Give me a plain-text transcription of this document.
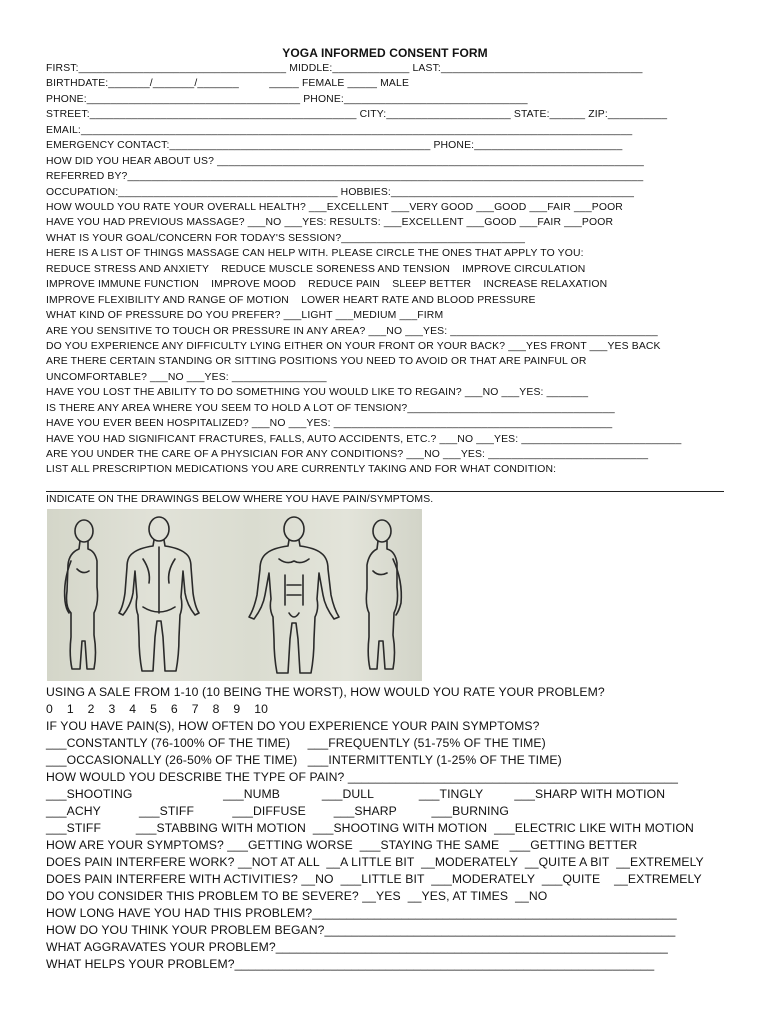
YOGA INFORMED CONSENT FORM
FIRST:___________________________________ MIDDLE:_____________ LAST:__________________________________
BIRTHDATE:_______/_______/_______          _____ FEMALE _____ MALE
PHONE:____________________________________ PHONE:_______________________________
STREET:_____________________________________________ CITY:_____________________ STATE:______ ZIP:__________
EMAIL:_____________________________________________________________________________________________
EMERGENCY CONTACT:____________________________________________ PHONE:_________________________
HOW DID YOU HEAR ABOUT US? ________________________________________________________________________
REFERRED BY?_______________________________________________________________________________________
OCCUPATION:_____________________________________ HOBBIES:_________________________________________
HOW WOULD YOU RATE YOUR OVERALL HEALTH? ___EXCELLENT ___VERY GOOD ___GOOD ___FAIR ___POOR
HAVE YOU HAD PREVIOUS MASSAGE? ___NO ___YES: RESULTS: ___EXCELLENT ___GOOD ___FAIR ___POOR
WHAT IS YOUR GOAL/CONCERN FOR TODAY'S SESSION?_______________________________
HERE IS A LIST OF THINGS MASSAGE CAN HELP WITH. PLEASE CIRCLE THE ONES THAT APPLY TO YOU:
REDUCE STRESS AND ANXIETY    REDUCE MUSCLE SORENESS AND TENSION    IMPROVE CIRCULATION
IMPROVE IMMUNE FUNCTION    IMPROVE MOOD    REDUCE PAIN    SLEEP BETTER    INCREASE RELAXATION
IMPROVE FLEXIBILITY AND RANGE OF MOTION    LOWER HEART RATE AND BLOOD PRESSURE
WHAT KIND OF PRESSURE DO YOU PREFER? ___LIGHT ___MEDIUM ___FIRM
ARE YOU SENSITIVE TO TOUCH OR PRESSURE IN ANY AREA? ___NO ___YES: ___________________________________
DO YOU EXPERIENCE ANY DIFFICULTY LYING EITHER ON YOUR FRONT OR YOUR BACK? ___YES FRONT ___YES BACK
ARE THERE CERTAIN STANDING OR SITTING POSITIONS YOU NEED TO AVOID OR THAT ARE PAINFUL OR
UNCOMFORTABLE? ___NO ___YES: ________________
HAVE YOU LOST THE ABILITY TO DO SOMETHING YOU WOULD LIKE TO REGAIN? ___NO ___YES: _______
IS THERE ANY AREA WHERE YOU SEEM TO HOLD A LOT OF TENSION?___________________________________
HAVE YOU EVER BEEN HOSPITALIZED? ___NO ___YES: _______________________________________________
HAVE YOU HAD SIGNIFICANT FRACTURES, FALLS, AUTO ACCIDENTS, ETC.? ___NO ___YES: ___________________________
ARE YOU UNDER THE CARE OF A PHYSICIAN FOR ANY CONDITIONS? ___NO ___YES: ___________________________
LIST ALL PRESCRIPTION MEDICATIONS YOU ARE CURRENTLY TAKING AND FOR WHAT CONDITION:
INDICATE ON THE DRAWINGS BELOW WHERE YOU HAVE PAIN/SYMPTOMS.
USING A SALE FROM 1-10 (10 BEING THE WORST), HOW WOULD YOU RATE YOUR PROBLEM?
0    1    2    3    4    5    6    7    8    9    10
IF YOU HAVE PAIN(S), HOW OFTEN DO YOU EXPERIENCE YOUR PAIN SYMPTOMS?
___CONSTANTLY (76-100% OF THE TIME)     ___FREQUENTLY (51-75% OF THE TIME)
___OCCASIONALLY (26-50% OF THE TIME)   ___INTERMITTENTLY (1-25% OF THE TIME)
HOW WOULD YOU DESCRIBE THE TYPE OF PAIN? ________________________________________________
___SHOOTING                          ___NUMB            ___DULL             ___TINGLY         ___SHARP WITH MOTION
___ACHY           ___STIFF           ___DIFFUSE        ___SHARP          ___BURNING
___STIFF          ___STABBING WITH MOTION  ___SHOOTING WITH MOTION  ___ELECTRIC LIKE WITH MOTION
HOW ARE YOUR SYMPTOMS? ___GETTING WORSE  ___STAYING THE SAME   ___GETTING BETTER
DOES PAIN INTERFERE WORK? __NOT AT ALL  __A LITTLE BIT  __MODERATELY  __QUITE A BIT  __EXTREMELY
DOES PAIN INTERFERE WITH ACTIVITIES? __NO  ___LITTLE BIT  ___MODERATELY  ___QUITE    __EXTREMELY
DO YOU CONSIDER THIS PROBLEM TO BE SEVERE? __YES  __YES, AT TIMES  __NO
HOW LONG HAVE YOU HAD THIS PROBLEM?_____________________________________________________
HOW DO YOU THINK YOUR PROBLEM BEGAN?___________________________________________________
WHAT AGGRAVATES YOUR PROBLEM?_________________________________________________________
WHAT HELPS YOUR PROBLEM?_____________________________________________________________
